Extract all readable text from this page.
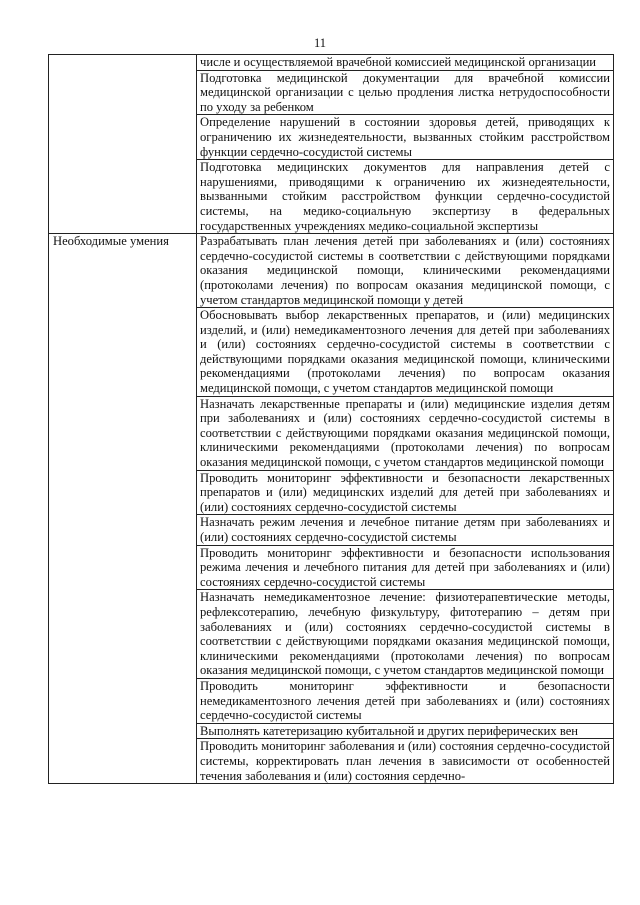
11
	числе и осуществляемой врачебной комиссией медицинской организации
	Подготовка медицинской документации для врачебной комиссии медицинской организации с целью продления листка нетрудоспособности по уходу за ребенком
	Определение нарушений в состоянии здоровья детей, приводящих к ограничению их жизнедеятельности, вызванных стойким расстройством функции сердечно-сосудистой системы
	Подготовка медицинских документов для направления детей с нарушениями, приводящими к ограничению их жизнедеятельности, вызванными стойким расстройством функции сердечно-сосудистой системы, на медико-социальную экспертизу в федеральных государственных учреждениях медико-социальной экспертизы
Необходимые умения	Разрабатывать план лечения детей при заболеваниях и (или) состояниях сердечно-сосудистой системы в соответствии с действующими порядками оказания медицинской помощи, клиническими рекомендациями (протоколами лечения) по вопросам оказания медицинской помощи, с учетом стандартов медицинской помощи у детей
	Обосновывать выбор лекарственных препаратов, и (или) медицинских изделий, и (или) немедикаментозного лечения для детей при заболеваниях и (или) состояниях сердечно-сосудистой системы в соответствии с действующими порядками оказания медицинской помощи, клиническими рекомендациями (протоколами лечения) по вопросам оказания медицинской помощи, с учетом стандартов медицинской помощи
	Назначать лекарственные препараты и (или) медицинские изделия детям при заболеваниях и (или) состояниях сердечно-сосудистой системы в соответствии с действующими порядками оказания медицинской помощи, клиническими рекомендациями (протоколами лечения) по вопросам оказания медицинской помощи, с учетом стандартов медицинской помощи
	Проводить мониторинг эффективности и безопасности лекарственных препаратов и (или) медицинских изделий для детей при заболеваниях и (или) состояниях сердечно-сосудистой системы
	Назначать режим лечения и лечебное питание детям при заболеваниях и (или) состояниях сердечно-сосудистой системы
	Проводить мониторинг эффективности и безопасности использования режима лечения и лечебного питания для детей при заболеваниях и (или) состояниях сердечно-сосудистой системы
	Назначать немедикаментозное лечение: физиотерапевтические методы, рефлексотерапию, лечебную физкультуру, фитотерапию – детям при заболеваниях и (или) состояниях сердечно-сосудистой системы в соответствии с действующими порядками оказания медицинской помощи, клиническими рекомендациями (протоколами лечения) по вопросам оказания медицинской помощи, с учетом стандартов медицинской помощи
	Проводить мониторинг эффективности и безопасности немедикаментозного лечения детей при заболеваниях и (или) состояниях сердечно-сосудистой системы
	Выполнять катетеризацию кубитальной и других периферических вен
	Проводить мониторинг заболевания и (или) состояния сердечно-сосудистой системы, корректировать план лечения в зависимости от особенностей течения заболевания и (или) состояния сердечно-
